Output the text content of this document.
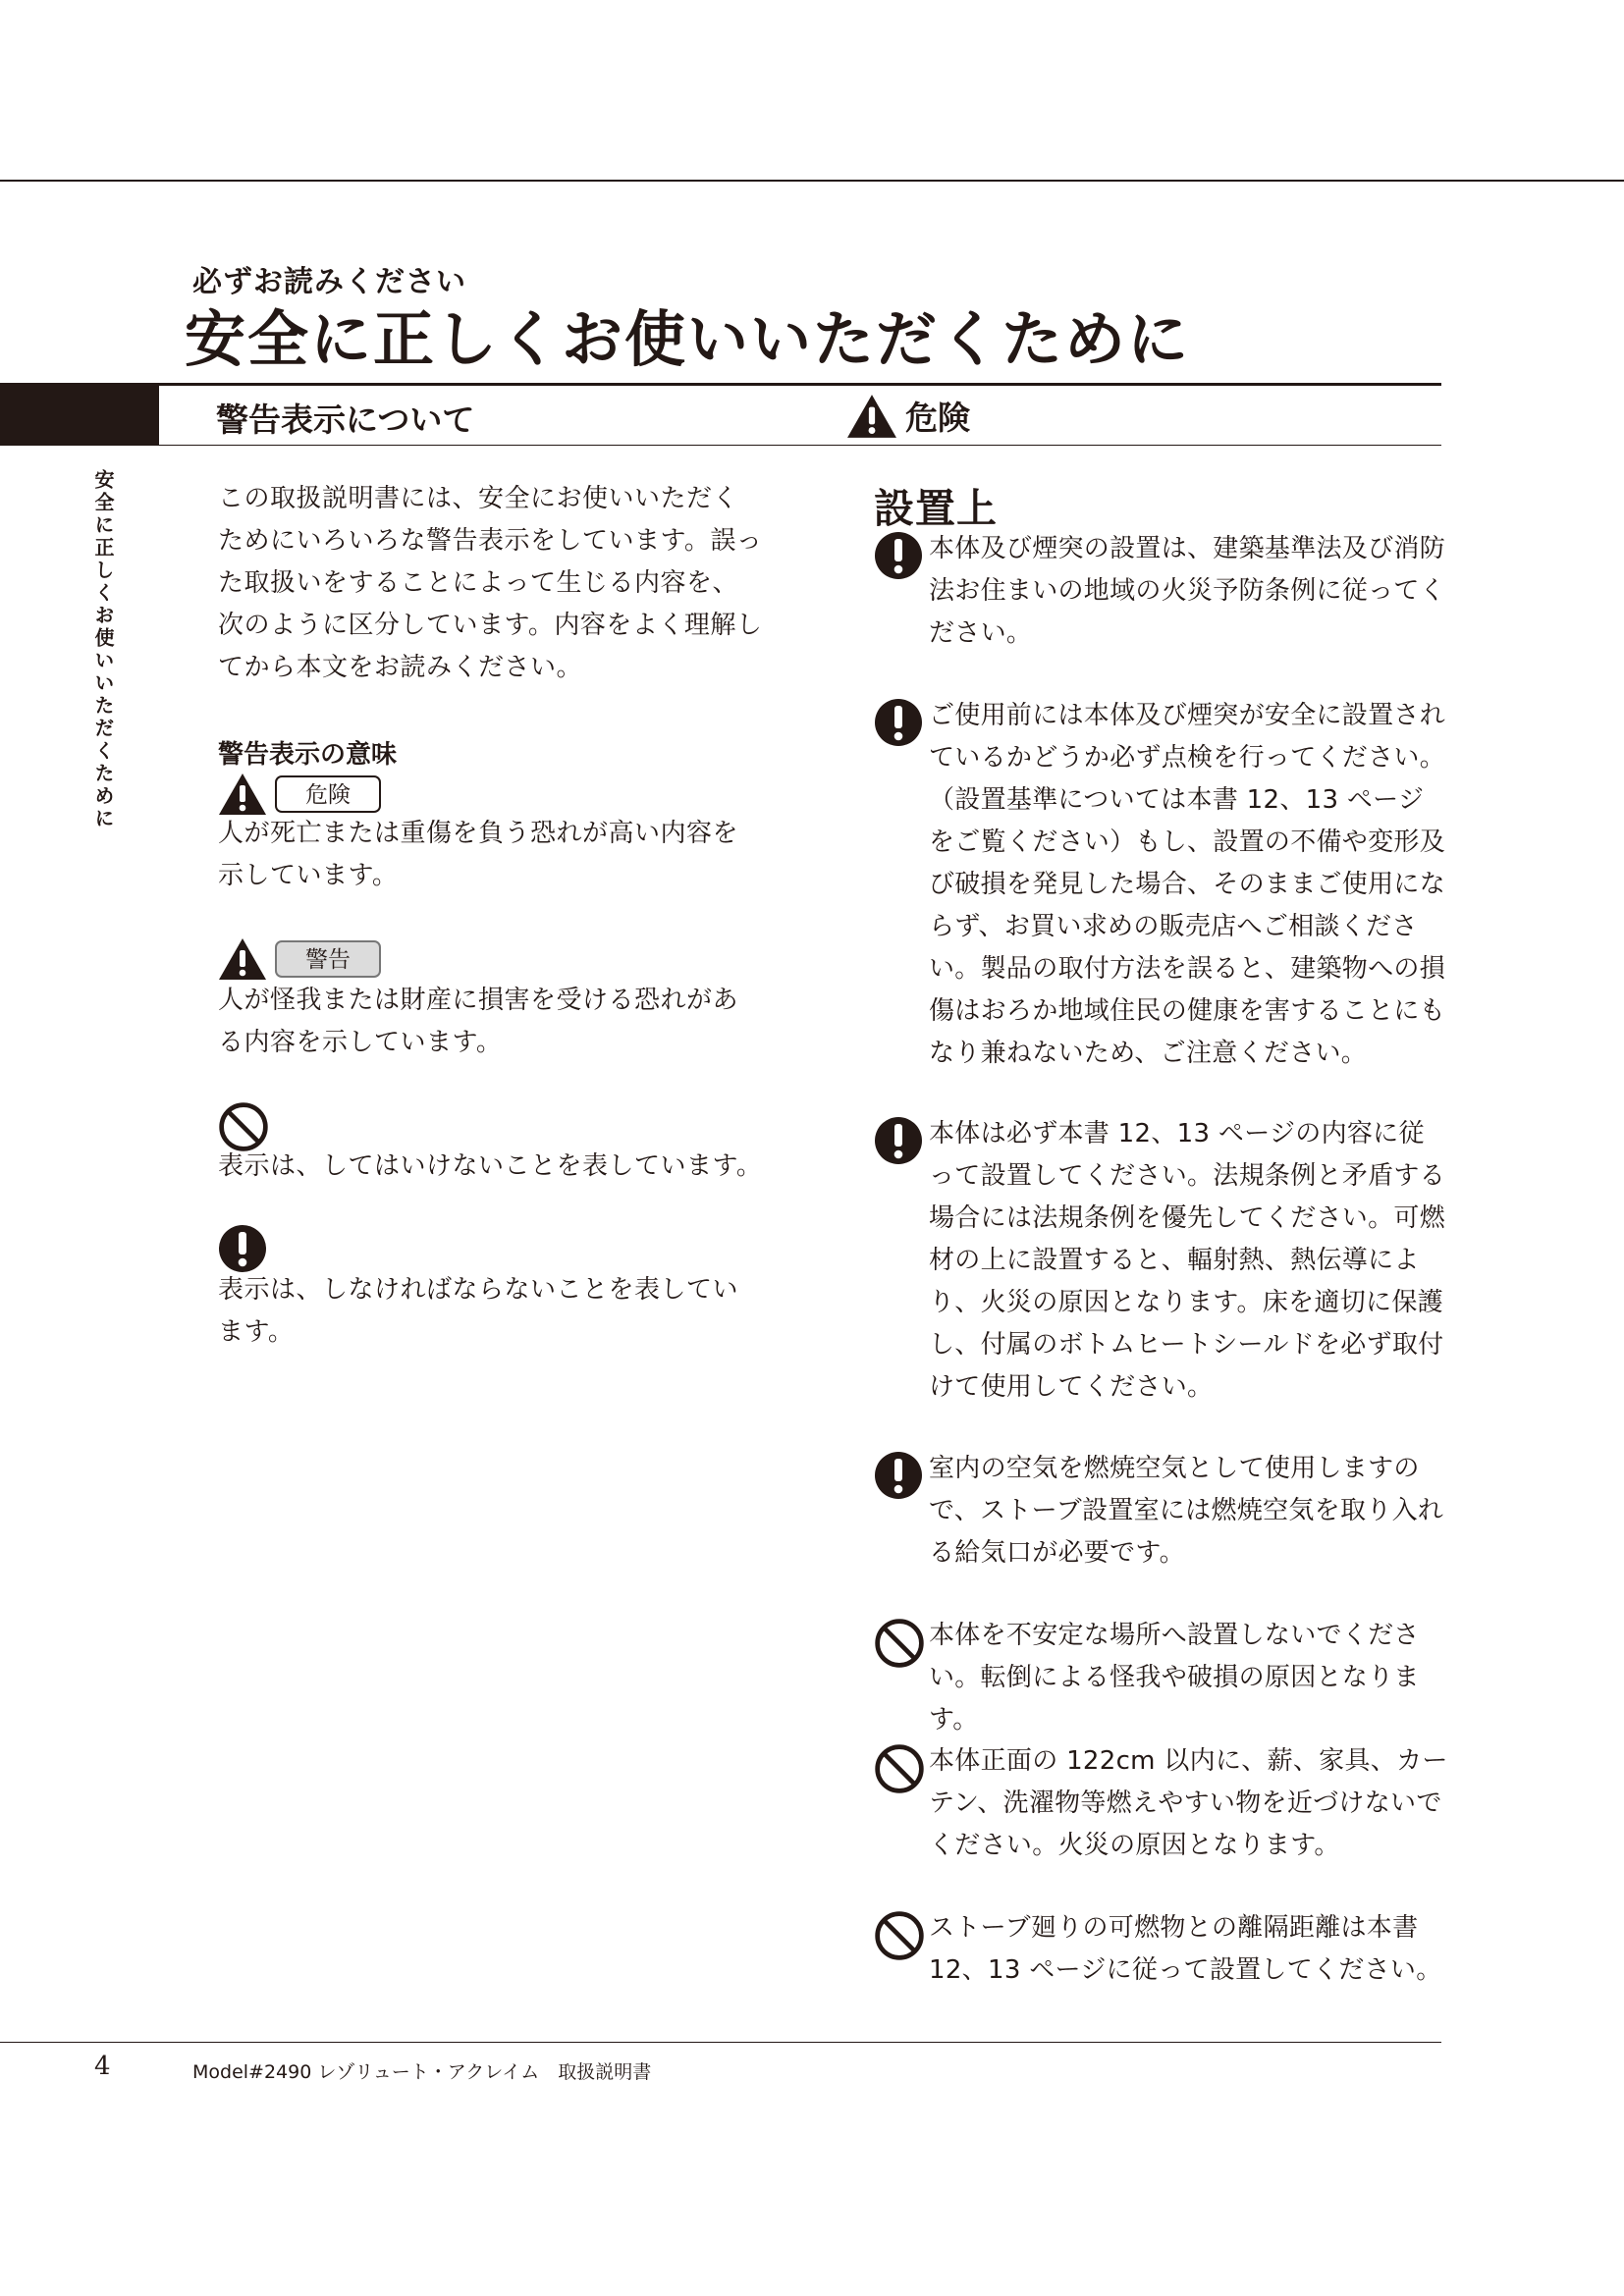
必ずお読みください
安全に正しくお使いいただくために
警告表示について	危険
安全に正しくお使いいただくために	この取扱説明書には、安全にお使いいただくためにいろいろな警告表示をしています。誤った取扱いをすることによって生じる内容を、次のように区分しています。内容をよく理解してから本文をお読みください。
警告表示の意味
危険
人が死亡または重傷を負う恐れが高い内容を示しています。
警告
人が怪我または財産に損害を受ける恐れがある内容を示しています。
表示は、してはいけないことを表しています。
表示は、しなければならないことを表しています。
設置上
本体及び煙突の設置は、建築基準法及び消防法お住まいの地域の火災予防条例に従ってください。
ご使用前には本体及び煙突が安全に設置されているかどうか必ず点検を行ってください。（設置基準については本書 12、13 ページをご覧ください）もし、設置の不備や変形及び破損を発見した場合、そのままご使用にならず、お買い求めの販売店へご相談ください。製品の取付方法を誤ると、建築物への損傷はおろか地域住民の健康を害することにもなり兼ねないため、ご注意ください。
本体は必ず本書 12、13 ページの内容に従って設置してください。法規条例と矛盾する場合には法規条例を優先してください。可燃材の上に設置すると、輻射熱、熱伝導により、火災の原因となります。床を適切に保護し、付属のボトムヒートシールドを必ず取付けて使用してください。
室内の空気を燃焼空気として使用しますので、ストーブ設置室には燃焼空気を取り入れる給気口が必要です。
本体を不安定な場所へ設置しないでください。転倒による怪我や破損の原因となります。
本体正面の 122cm 以内に、薪、家具、カーテン、洗濯物等燃えやすい物を近づけないでください。火災の原因となります。
ストーブ廻りの可燃物との離隔距離は本書 12、13 ページに従って設置してください。
4	Model#2490 レゾリュート・アクレイム　取扱説明書
